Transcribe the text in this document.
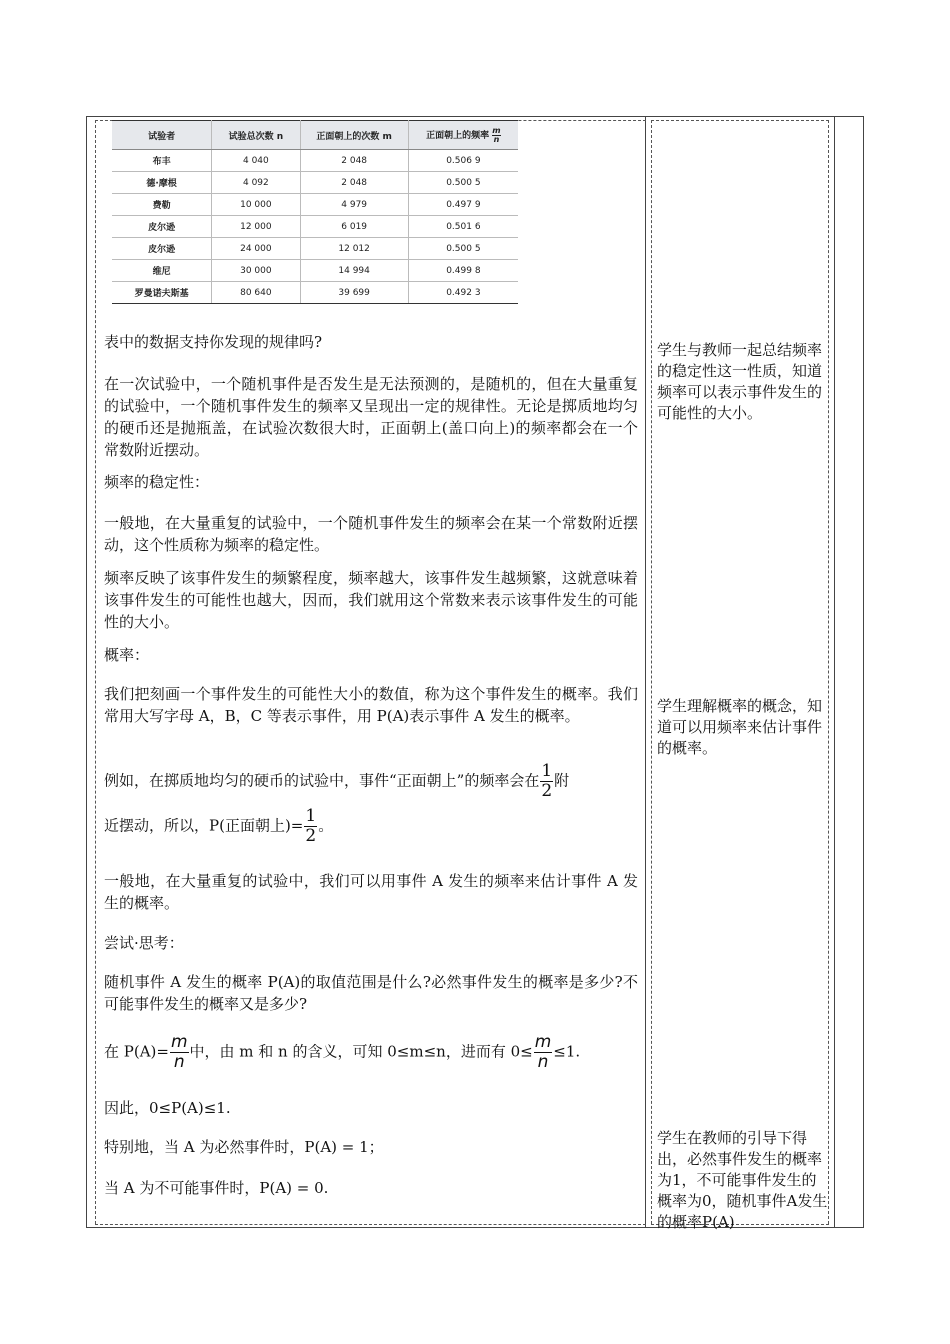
试验者	试验总次数 n	正面朝上的次数 m	正面朝上的频率 $\frac{m}{n}$

布丰	4 040	2 048	0.506 9
德·摩根	4 092	2 048	0.500 5
费勒	10 000	4 979	0.497 9
皮尔逊	12 000	6 019	0.501 6
皮尔逊	24 000	12 012	0.500 5
维尼	30 000	14 994	0.499 8
罗曼诺夫斯基	80 640	39 699	0.492 3
表中的数据支持你发现的规律吗?
在一次试验中，一个随机事件是否发生是无法预测的，是随机的，但在大量重复的试验中，一个随机事件发生的频率又呈现出一定的规律性。无论是掷质地均匀的硬币还是抛瓶盖，在试验次数很大时，正面朝上(盖口向上)的频率都会在一个常数附近摆动。
频率的稳定性：
一般地，在大量重复的试验中，一个随机事件发生的频率会在某一个常数附近摆动，这个性质称为频率的稳定性。
频率反映了该事件发生的频繁程度，频率越大，该事件发生越频繁，这就意味着该事件发生的可能性也越大，因而，我们就用这个常数来表示该事件发生的可能性的大小。
概率：
我们把刻画一个事件发生的可能性大小的数值，称为这个事件发生的概率。我们常用大写字母 A，B，C 等表示事件，用 P(A)表示事件 A 发生的概率。
例如，在掷质地均匀的硬币的试验中，事件“正面朝上”的频率会在 $\frac{1}{2}$ 附
近摆动，所以，P(正面朝上)= $\frac{1}{2}$ 。
一般地，在大量重复的试验中，我们可以用事件 A 发生的频率来估计事件 A 发生的概率。
尝试·思考：
随机事件 A 发生的概率 P(A)的取值范围是什么?必然事件发生的概率是多少?不可能事件发生的概率又是多少?
在 $P(A)= \frac{m}{n}$ 中，由 m 和 n 的含义，可知 0≤m≤n，进而有 $0\le \frac{m}{n} \le 1$.
因此，0≤P(A)≤1.
特别地，当 A 为必然事件时，P(A) = 1；
当 A 为不可能事件时，P(A) = 0.
学生与教师一起总结频率的稳定性这一性质，知道频率可以表示事件发生的可能性的大小。
学生理解概率的概念，知道可以用频率来估计事件的概率。
学生在教师的引导下得出，必然事件发生的概率为1，不可能事件发生的概率为0，随机事件A发生的概率P(A)
